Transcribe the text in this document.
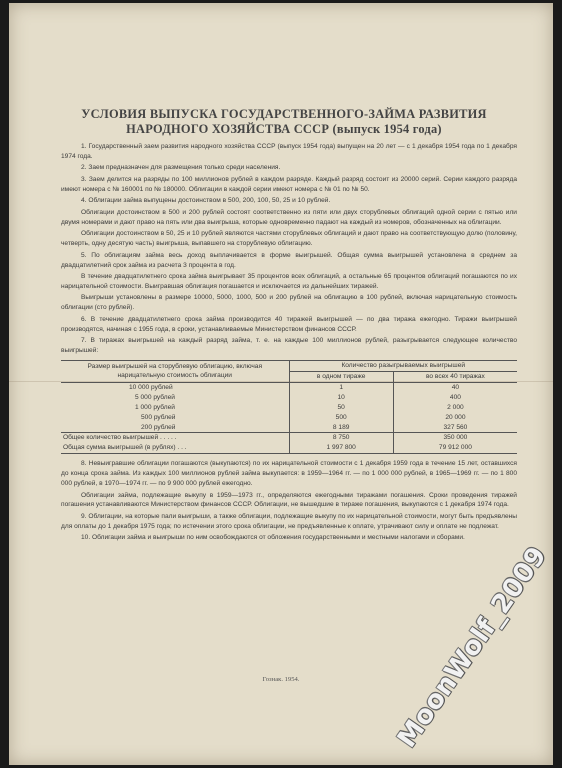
УСЛОВИЯ ВЫПУСКА ГОСУДАРСТВЕННОГО-ЗАЙМА РАЗВИТИЯ
НАРОДНОГО ХОЗЯЙСТВА СССР (выпуск 1954 года)

1. Государственный заем развития народного хозяйства СССР (выпуск 1954 года) выпущен на 20 лет — с 1 декабря 1954 года по 1 декабря 1974 года.

2. Заем предназначен для размещения только среди населения.

3. Заем делится на разряды по 100 миллионов рублей в каждом разряде. Каждый разряд состоит из 20000 серий. Серии каждого разряда имеют номера с № 160001 по № 180000. Облигации в каждой серии имеют номера с № 01 по № 50.

4. Облигации займа выпущены достоинством в 500, 200, 100, 50, 25 и 10 рублей.

Облигации достоинством в 500 и 200 рублей состоят соответственно из пяти или двух сторублевых облигаций одной серии с пятью или двумя номерами и дают право на пять или два выигрыша, которые одновременно падают на каждый из номеров, обозначенных на облигации.

Облигации достоинством в 50, 25 и 10 рублей являются частями сторублевых облигаций и дают право на соответствующую долю (половину, четверть, одну десятую часть) выигрыша, выпавшего на сторублевую облигацию.

5. По облигациям займа весь доход выплачивается в форме выигрышей. Общая сумма выигрышей установлена в среднем за двадцатилетний срок займа из расчета 3 процента в год.

В течение двадцатилетнего срока займа выигрывает 35 процентов всех облигаций, а остальные 65 процентов облигаций погашаются по их нарицательной стоимости. Выигравшая облигация погашается и исключается из дальнейших тиражей.

Выигрыши установлены в размере 10000, 5000, 1000, 500 и 200 рублей на облигацию в 100 рублей, включая нарицательную стоимость облигации (сто рублей).

6. В течение двадцатилетнего срока займа производится 40 тиражей выигрышей — по два тиража ежегодно. Тиражи выигрышей производятся, начиная с 1955 года, в сроки, устанавливаемые Министерством финансов СССР.

7. В тиражах выигрышей на каждый разряд займа, т. е. на каждые 100 миллионов рублей, разыгрывается следующее количество выигрышей:

Размер выигрышей на сторублевую облигацию, включая нарицательную стоимость облигации	Количество разыгрываемых выигрышей	
	в одном тираже	во всех 40 тиражах
10 000 рублей	1	40
5 000 рублей	10	400
1 000 рублей	50	2 000
500 рублей	500	20 000
200 рублей	8 189	327 560
Общее количество выигрышей . . . . .	8 750	350 000
Общая сумма выигрышей (в рублях) . . .	1 997 800	79 912 000

8. Невыигравшие облигации погашаются (выкупаются) по их нарицательной стоимости с 1 декабря 1959 года в течение 15 лет, оставшихся до конца срока займа. Из каждых 100 миллионов рублей займа выкупается: в 1959—1964 гг. — по 1 000 000 рублей, в 1965—1969 гг. — по 1 800 000 рублей, в 1970—1974 гг. — по 9 900 000 рублей ежегодно.

Облигации займа, подлежащие выкупу в 1959—1973 гг., определяются ежегодными тиражами погашения. Сроки проведения тиражей погашения устанавливаются Министерством финансов СССР. Облигации, не вышедшие в тираже погашения, выкупаются с 1 декабря 1974 года.

9. Облигации, на которые пали выигрыши, а также облигации, подлежащие выкупу по их нарицательной стоимости, могут быть предъявлены для оплаты до 1 декабря 1975 года; по истечении этого срока облигации, не предъявленные к оплате, утрачивают силу и оплате не подлежат.

10. Облигации займа и выигрыши по ним освобождаются от обложения государственными и местными налогами и сборами.

Гознак. 1954.	MoonWolf_2009
